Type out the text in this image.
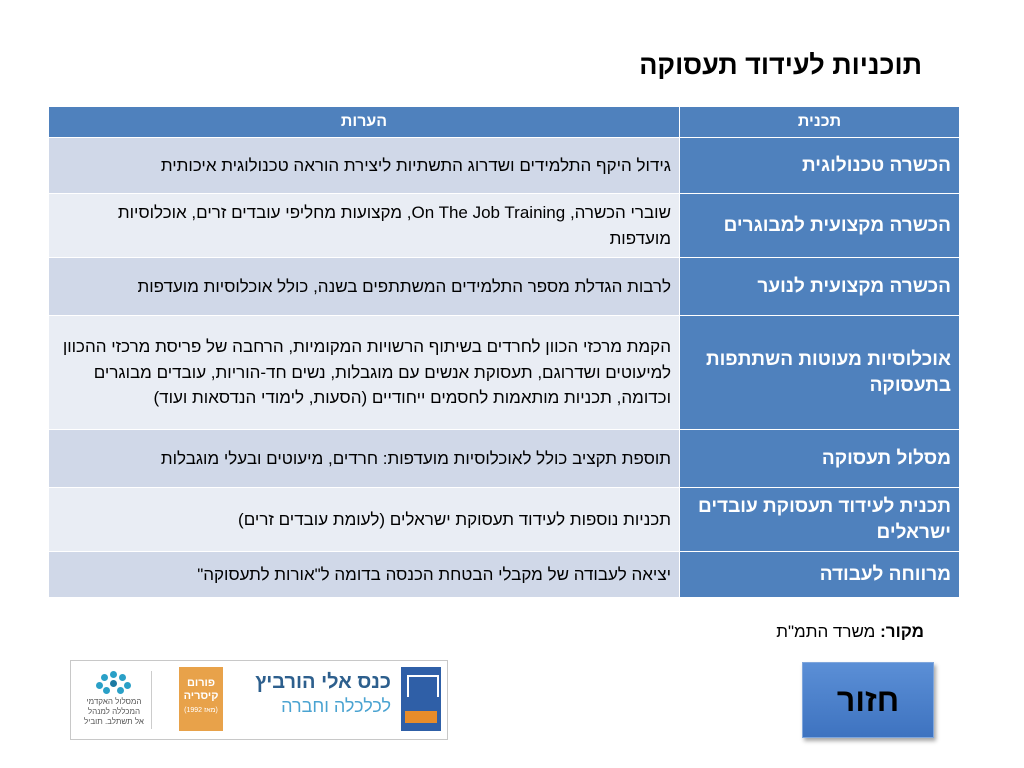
תוכניות לעידוד תעסוקה
תכנית	הערות
הכשרה טכנולוגית	גידול היקף התלמידים ושדרוג התשתיות ליצירת הוראה טכנולוגית איכותית
הכשרה מקצועית למבוגרים	שוברי הכשרה, On The Job Training, מקצועות מחליפי עובדים זרים, אוכלוסיות מועדפות
הכשרה מקצועית לנוער	לרבות הגדלת מספר התלמידים המשתתפים בשנה, כולל אוכלוסיות מועדפות
אוכלוסיות מעוטות השתתפות בתעסוקה	הקמת מרכזי הכוון לחרדים בשיתוף הרשויות המקומיות, הרחבה של פריסת מרכזי ההכוון למיעוטים ושדרוגם, תעסוקת אנשים עם מוגבלות, נשים חד-הוריות, עובדים מבוגרים וכדומה, תכניות מותאמות לחסמים ייחודיים (הסעות, לימודי הנדסאות ועוד)
מסלול תעסוקה	תוספת תקציב כולל לאוכלוסיות מועדפות: חרדים, מיעוטים ובעלי מוגבלות
תכנית לעידוד תעסוקת עובדים ישראלים	תכניות נוספות לעידוד תעסוקת ישראלים (לעומת עובדים זרים)
מרווחה לעבודה	יציאה לעבודה של מקבלי הבטחת הכנסה בדומה ל"אורות לתעסוקה"
מקור: משרד התמ"ת
כנס אלי הורביץ
לכלכלה וחברה
פורום
קיסריה
(מאז 1992)
המסלול האקדמי
המכללה למנהל
אל תשתלב. תוביל
חזור
